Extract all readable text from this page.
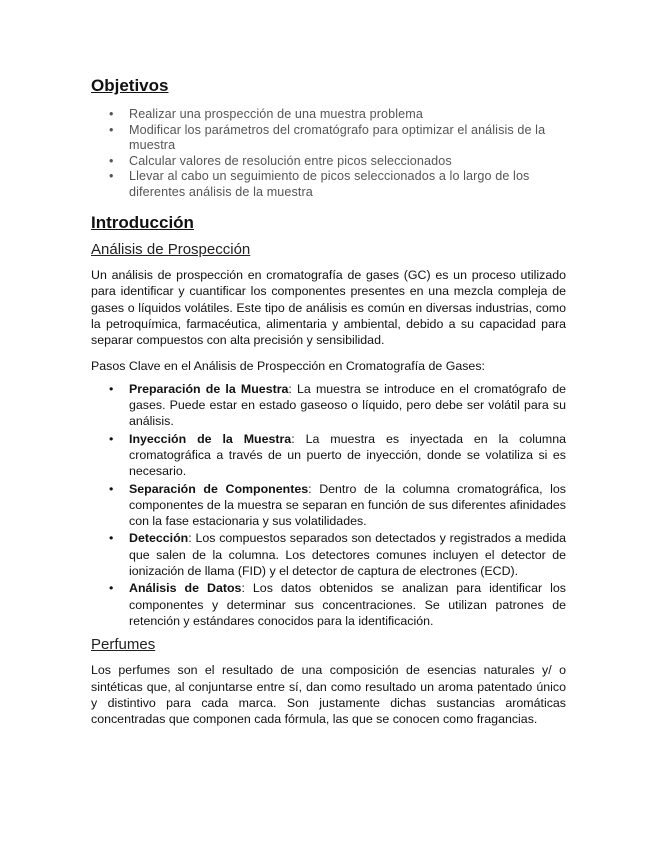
Objetivos
• Realizar una prospección de una muestra problema
• Modificar los parámetros del cromatógrafo para optimizar el análisis de la muestra
• Calcular valores de resolución entre picos seleccionados
• Llevar al cabo un seguimiento de picos seleccionados a lo largo de los diferentes análisis de la muestra
Introducción
Análisis de Prospección

Un análisis de prospección en cromatografía de gases (GC) es un proceso utilizado para identificar y cuantificar los componentes presentes en una mezcla compleja de gases o líquidos volátiles. Este tipo de análisis es común en diversas industrias, como la petroquímica, farmacéutica, alimentaria y ambiental, debido a su capacidad para separar compuestos con alta precisión y sensibilidad.

Pasos Clave en el Análisis de Prospección en Cromatografía de Gases:

• Preparación de la Muestra: La muestra se introduce en el cromatógrafo de gases. Puede estar en estado gaseoso o líquido, pero debe ser volátil para su análisis.
• Inyección de la Muestra: La muestra es inyectada en la columna cromatográfica a través de un puerto de inyección, donde se volatiliza si es necesario.
• Separación de Componentes: Dentro de la columna cromatográfica, los componentes de la muestra se separan en función de sus diferentes afinidades con la fase estacionaria y sus volatilidades.
• Detección: Los compuestos separados son detectados y registrados a medida que salen de la columna. Los detectores comunes incluyen el detector de ionización de llama (FID) y el detector de captura de electrones (ECD).
• Análisis de Datos: Los datos obtenidos se analizan para identificar los componentes y determinar sus concentraciones. Se utilizan patrones de retención y estándares conocidos para la identificación.
Perfumes

Los perfumes son el resultado de una composición de esencias naturales y/ o sintéticas que, al conjuntarse entre sí, dan como resultado un aroma patentado único y distintivo para cada marca. Son justamente dichas sustancias aromáticas concentradas que componen cada fórmula, las que se conocen como fragancias.
